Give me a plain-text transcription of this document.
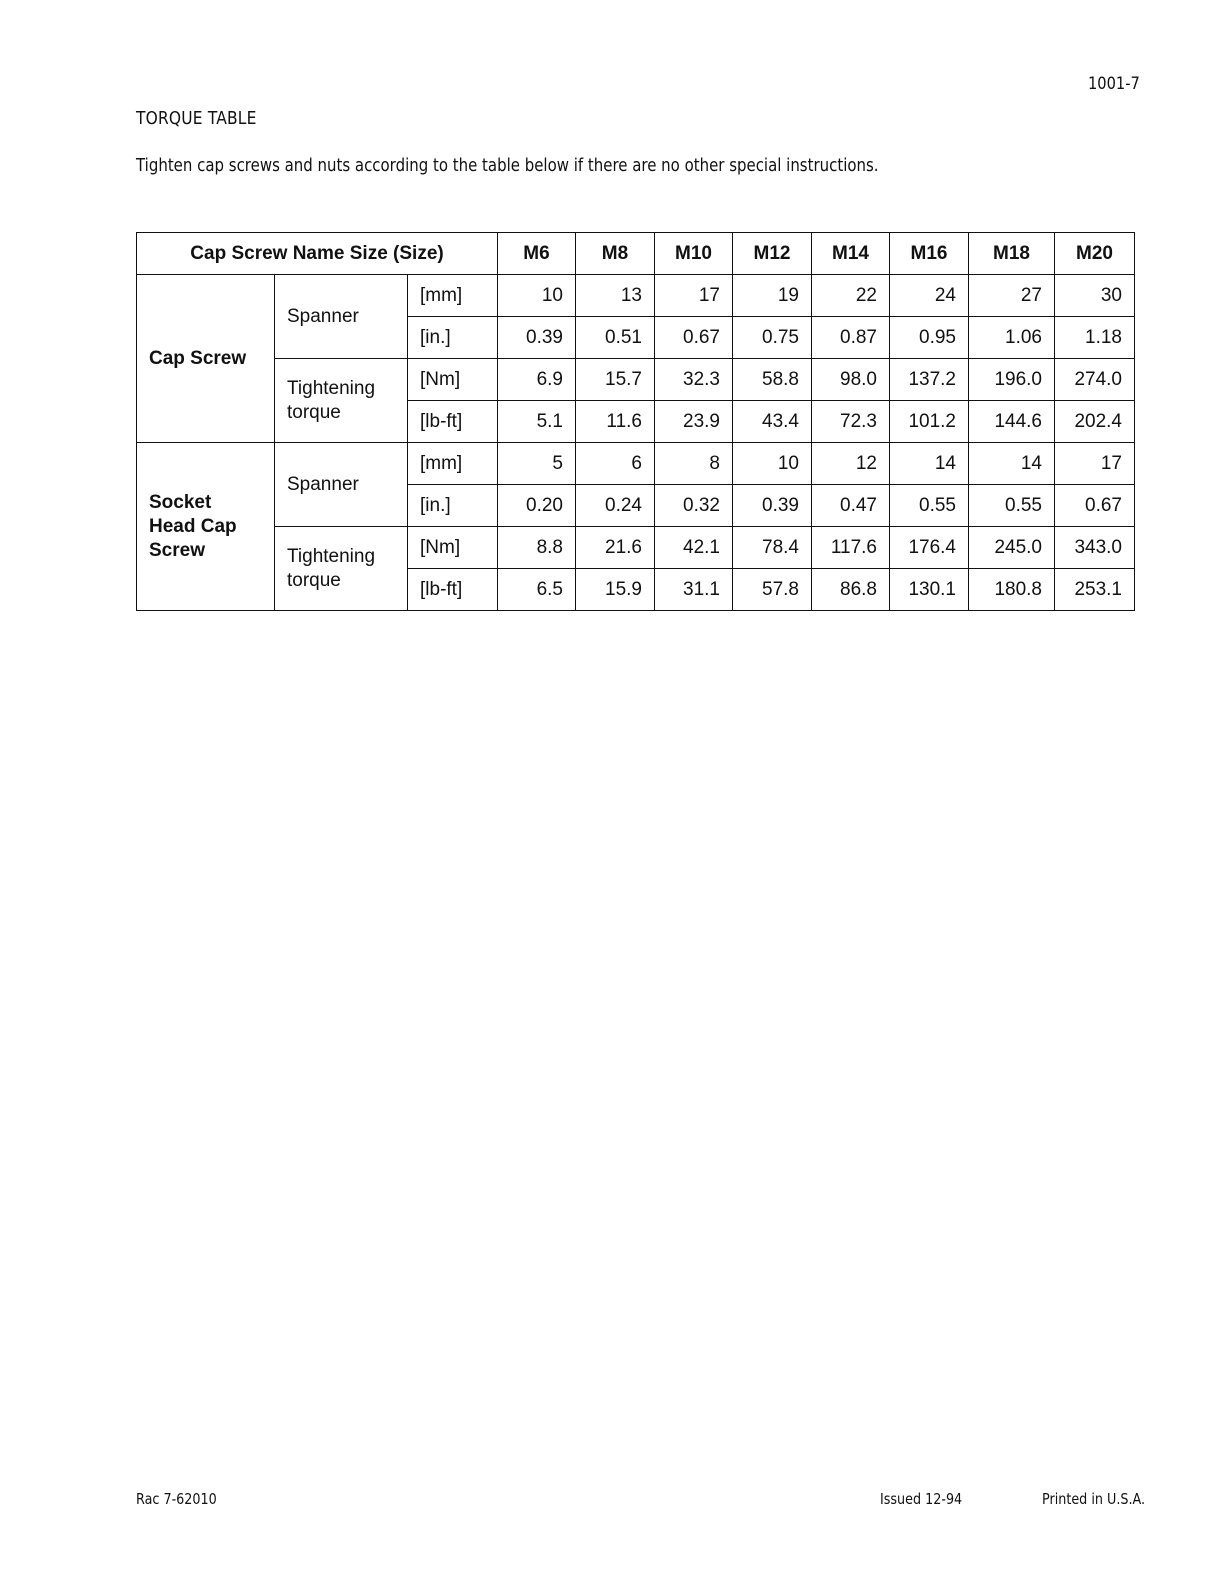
1001-7
TORQUE TABLE
Tighten cap screws and nuts according to the table below if there are no other special instructions.
Cap Screw Name Size (Size)			M6	M8	M10	M12	M14	M16	M18	M20
Cap Screw	Spanner	[mm]	10	13	17	19	22	24	27	30
		[in.]	0.39	0.51	0.67	0.75	0.87	0.95	1.06	1.18
	Tightening torque	[Nm]	6.9	15.7	32.3	58.8	98.0	137.2	196.0	274.0
		[lb-ft]	5.1	11.6	23.9	43.4	72.3	101.2	144.6	202.4
Socket Head Cap Screw	Spanner	[mm]	5	6	8	10	12	14	14	17
		[in.]	0.20	0.24	0.32	0.39	0.47	0.55	0.55	0.67
	Tightening torque	[Nm]	8.8	21.6	42.1	78.4	117.6	176.4	245.0	343.0
		[lb-ft]	6.5	15.9	31.1	57.8	86.8	130.1	180.8	253.1
Rac 7-62010	Issued 12-94	Printed in U.S.A.
